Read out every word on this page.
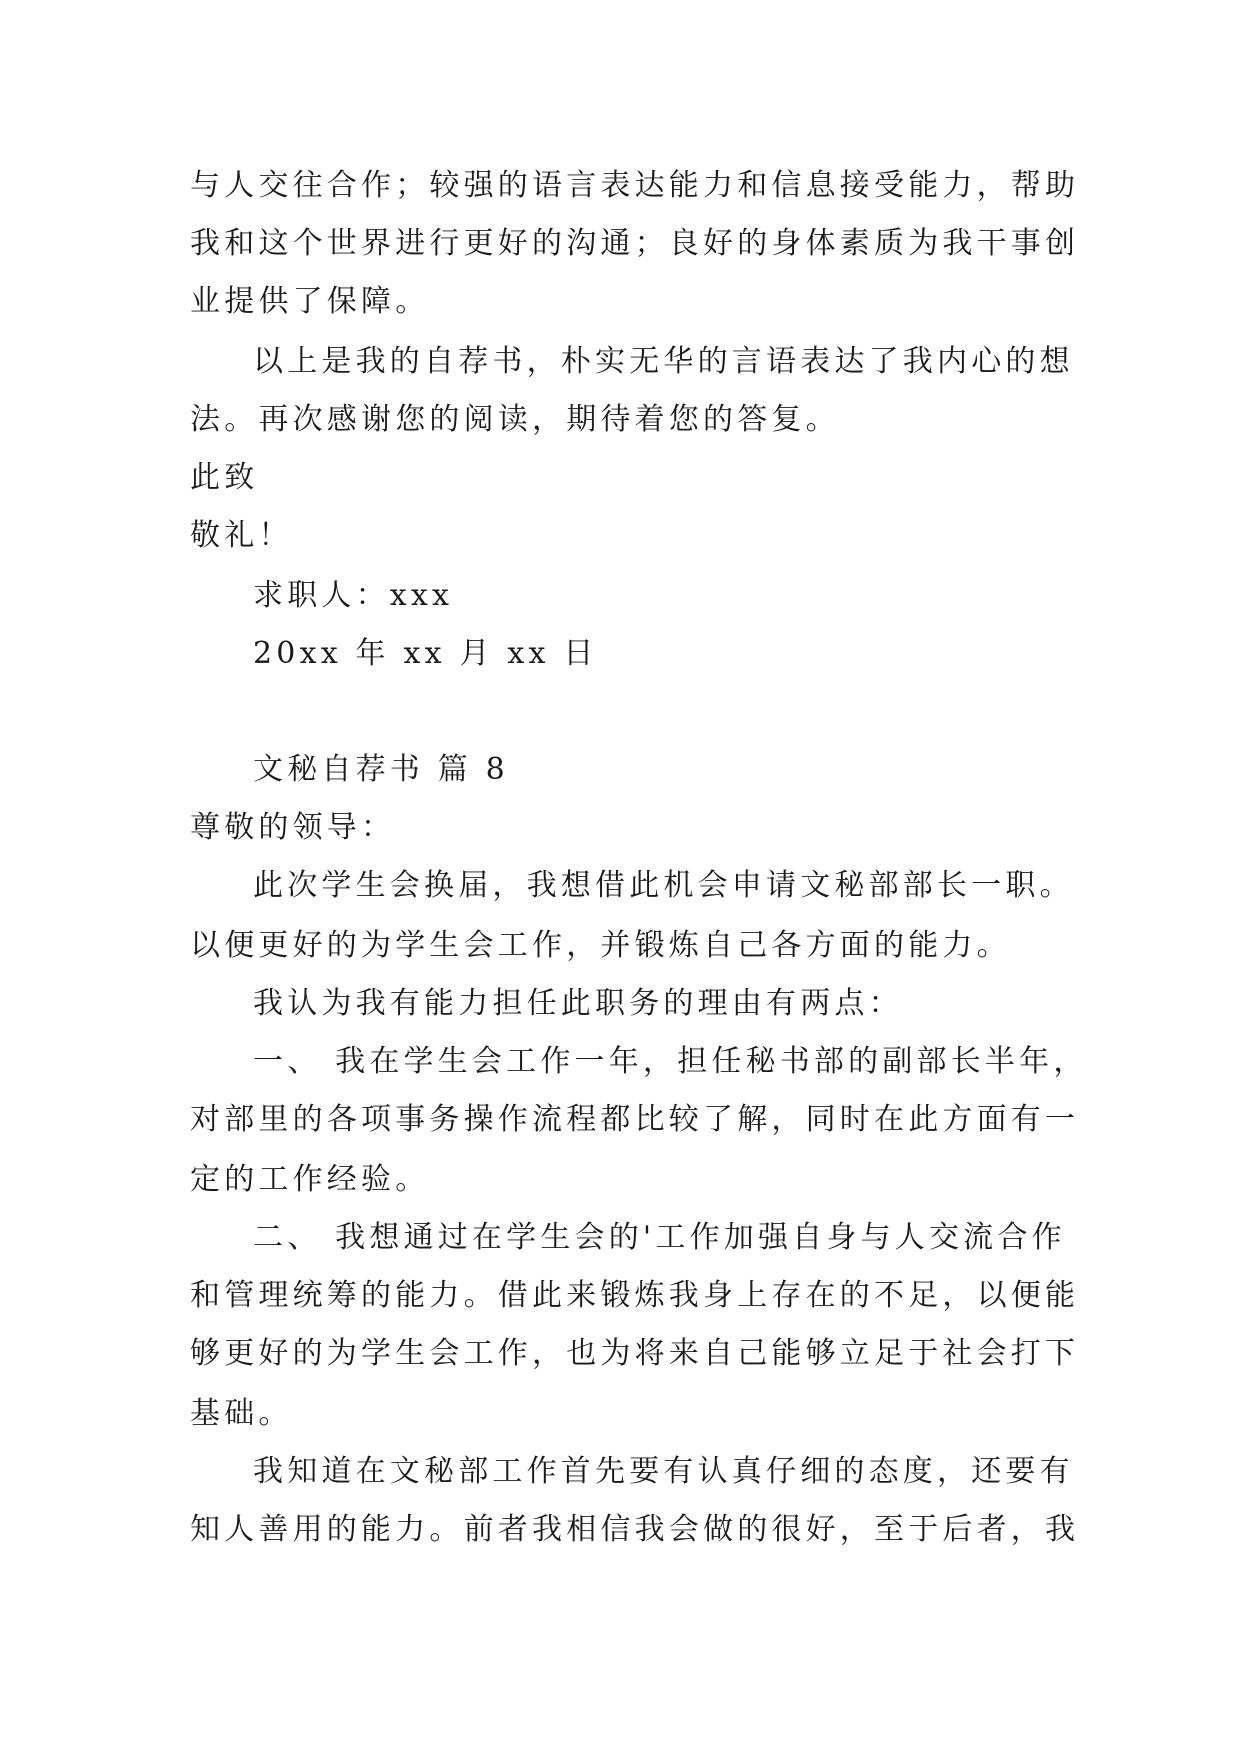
与人交往合作；较强的语言表达能力和信息接受能力，帮助
我和这个世界进行更好的沟通；良好的身体素质为我干事创
业提供了保障。
以上是我的自荐书，朴实无华的言语表达了我内心的想
法。再次感谢您的阅读，期待着您的答复。
此致
敬礼！
求职人：xxx
20xx 年 xx 月 xx 日
文秘自荐书 篇 8
尊敬的领导：
此次学生会换届，我想借此机会申请文秘部部长一职。
以便更好的为学生会工作，并锻炼自己各方面的能力。
我认为我有能力担任此职务的理由有两点：
一、 我在学生会工作一年，担任秘书部的副部长半年，
对部里的各项事务操作流程都比较了解，同时在此方面有一
定的工作经验。
二、 我想通过在学生会的'工作加强自身与人交流合作
和管理统筹的能力。借此来锻炼我身上存在的不足，以便能
够更好的为学生会工作，也为将来自己能够立足于社会打下
基础。
我知道在文秘部工作首先要有认真仔细的态度，还要有
知人善用的能力。前者我相信我会做的很好，至于后者，我
